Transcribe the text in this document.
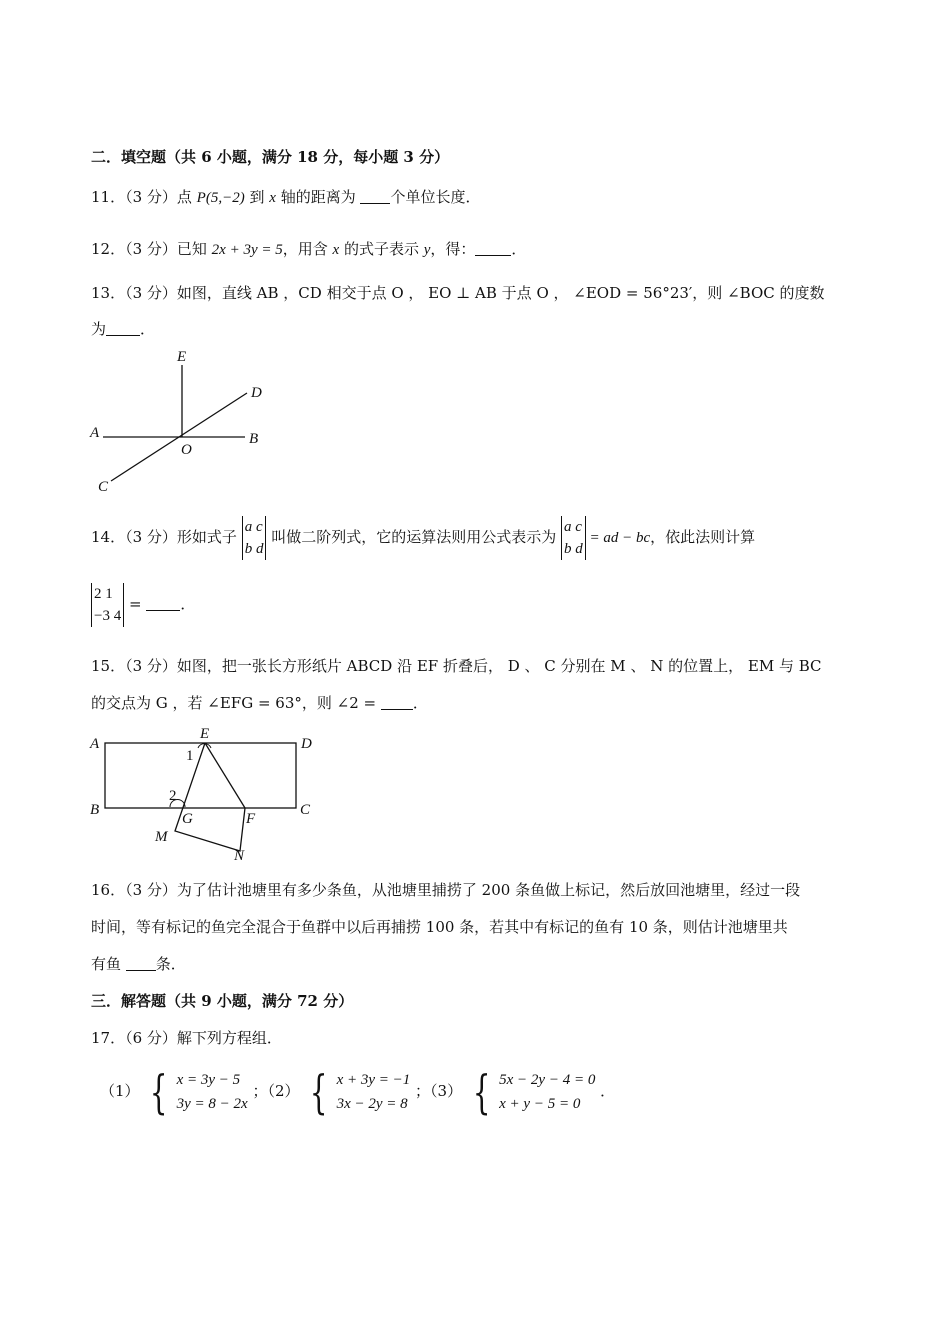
二．填空题（共 6 小题，满分 18 分，每小题 3 分）
11．（3 分）点 P(5,−2) 到 x 轴的距离为 个单位长度．
12．（3 分）已知 2x + 3y = 5，用含 x 的式子表示 y，得： ．
13．（3 分）如图，直线 AB ，CD 相交于点 O ， EO ⊥ AB 于点 O ， ∠EOD = 56°23′，则 ∠BOC 的度数
为 ．
E
D
A	B
O
C
14．（3 分）形如式子
a c
b d
叫做二阶列式，它的运算法则用公式表示为
a c
b d
= ad − bc，依此法则计算
2 1
−3 4
= ．
15．（3 分）如图，把一张长方形纸片 ABCD 沿 EF 折叠后， D 、 C 分别在 M 、 N 的位置上， EM 与 BC
的交点为 G ，若 ∠EFG = 63°，则 ∠2 = ．
A
E
D
1
2
B
G	F
C
M
N
16．（3 分）为了估计池塘里有多少条鱼，从池塘里捕捞了 200 条鱼做上标记，然后放回池塘里，经过一段
时间，等有标记的鱼完全混合于鱼群中以后再捕捞 100 条，若其中有标记的鱼有 10 条，则估计池塘里共
有鱼 条．
三．解答题（共 9 小题，满分 72 分）
17．（6 分）解下列方程组．
（1） { x = 3y − 5
3y = 8 − 2x
；（2） { x + 3y = −1
3x − 2y = 8
；（3） { 5x − 2y − 4 = 0
x + y − 5 = 0
．
